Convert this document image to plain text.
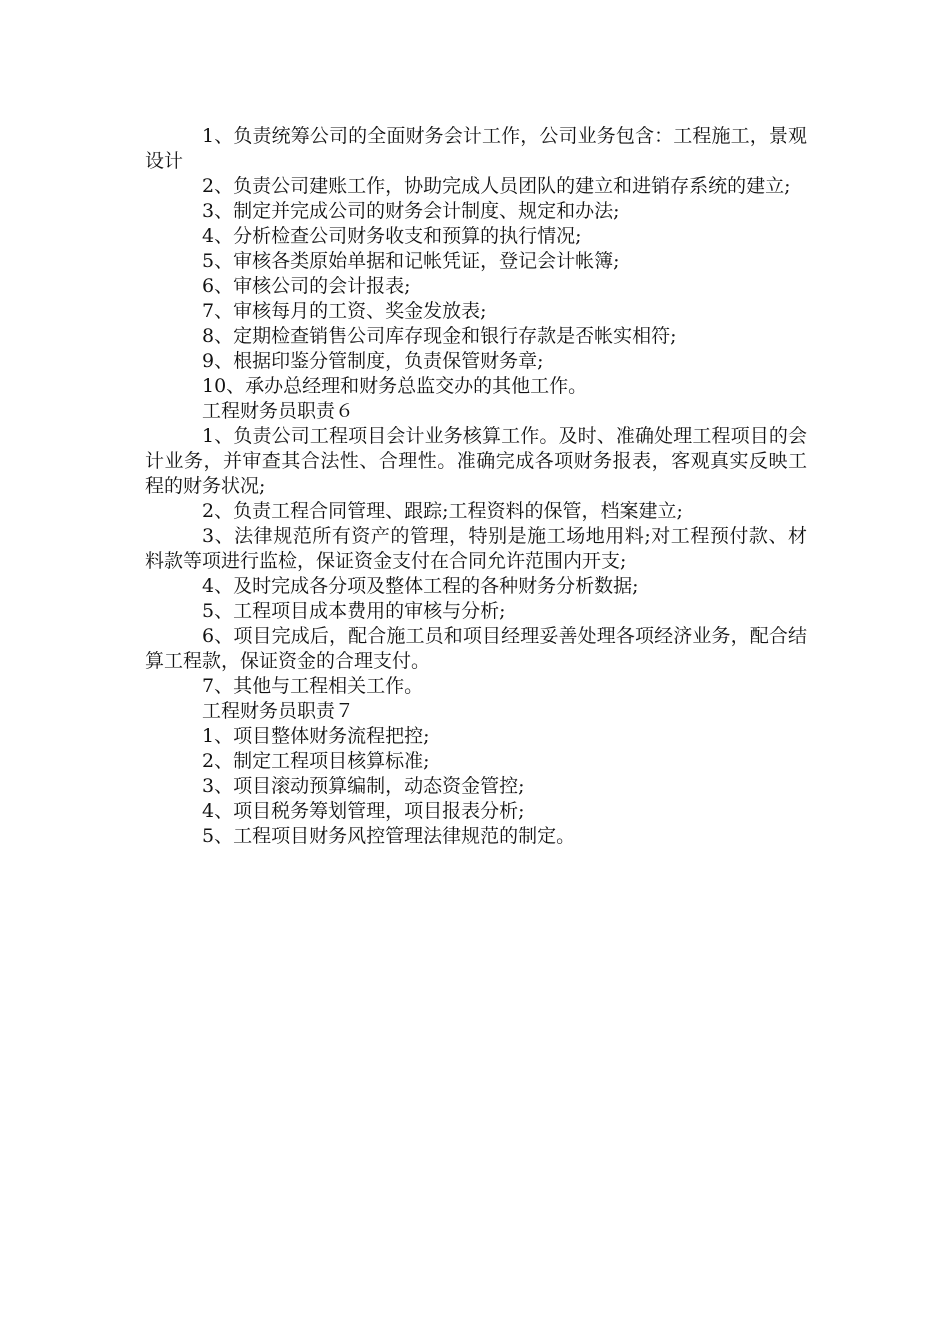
1、负责统筹公司的全面财务会计工作，公司业务包含：工程施工，景观设计

2、负责公司建账工作，协助完成人员团队的建立和进销存系统的建立;

3、制定并完成公司的财务会计制度、规定和办法;

4、分析检查公司财务收支和预算的执行情况;

5、审核各类原始单据和记帐凭证，登记会计帐簿;

6、审核公司的会计报表;

7、审核每月的工资、奖金发放表;

8、定期检查销售公司库存现金和银行存款是否帐实相符;

9、根据印鉴分管制度，负责保管财务章;

10、承办总经理和财务总监交办的其他工作。

工程财务员职责６

1、负责公司工程项目会计业务核算工作。及时、准确处理工程项目的会计业务，并审查其合法性、合理性。准确完成各项财务报表，客观真实反映工程的财务状况;

2、负责工程合同管理、跟踪;工程资料的保管，档案建立;

3、法律规范所有资产的管理，特别是施工场地用料;对工程预付款、材料款等项进行监检，保证资金支付在合同允许范围内开支;

4、及时完成各分项及整体工程的各种财务分析数据;

5、工程项目成本费用的审核与分析;

6、项目完成后，配合施工员和项目经理妥善处理各项经济业务，配合结算工程款，保证资金的合理支付。

7、其他与工程相关工作。

工程财务员职责７

1、项目整体财务流程把控;

2、制定工程项目核算标准;

3、项目滚动预算编制，动态资金管控;

4、项目税务筹划管理，项目报表分析;

5、工程项目财务风控管理法律规范的制定。
